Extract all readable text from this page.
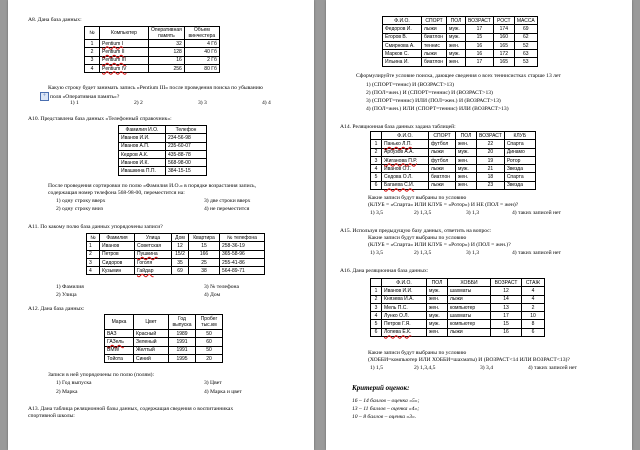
А8. Дана база данных:
№	Компьютер	Оперативная память	Объем винчестера
1	Pentium I	32	4 Гб
2	Pentium II	128	40 Гб
3	Pentium III	16	2 Гб
4	Pentium IV	256	80 Гб
Какую строку будет занимать запись «Pentium III» после проведения поиска по убыванию
+ поля «Оперативная память»?
1) 1	2) 2	3) 3	4) 4
А10. Представлена база данных «Телефонный справочник»:
Фамилия И.О.	Телефон
Иванов И.И.	234-56-98
Иванов А.П.	235-60-07
Кедров А.К.	435-88-78
Иванов И.К.	568-98-00
Ивашкина П.П.	384-15-15
После проведения сортировки по полю «Фамилия И.О.» в порядке возрастания запись,
содержащая номер телефона 568-98-00, переместится на:
1) одну строку вверх	3) две строки вверх
2) одну строку вниз	4) не переместится
А11. По какому полю база данных упорядочены записи?
№	Фамилия	Улица	Дом	Квартира	№ телефона
1	Иванов	Советская	12	15	258-36-19
2	Петров	Пушкина	15/2	166	365-58-96
3	Сидоров	Гоголя	35	25	255-41-86
4	Кузьмин	Гайдар	69	38	564-89-71
1) Фамилия	3) № телефона
2) Улица	4) Дом
А12. Дана база данных:
Марка	Цвет	Год выпуска	Пробег тыс.км
ВАЗ	Красный	1989	50
ГАЗель	Зеленый	1991	60
BMW	Желтый	1991	50
Тойота	Синий	1995	20
Записи в ней упорядочены по полю (полям):
1) Год выпуска	3) Цвет
2) Марка	4) Марка и цвет
А13. Дана таблица реляционной базы данных, содержащая сведения о воспитанниках
спортивной школы:
Ф.И.О.	СПОРТ	ПОЛ	ВОЗРАСТ	РОСТ	МАССА
Федоров И.	лыжи	муж.	17	174	69
Егоров В.	биатлон	муж.	15	160	62
Смирнова А.	теннис	жен.	16	165	52
Марков С.	лыжи	муж.	16	172	63
Ильина И.	биатлон	жен.	17	165	53
Сформулируйте условие поиска, дающее сведения о всех теннисистках старше 13 лет
1) (СПОРТ=тенис) И (ВОЗРАСТ>13)
2) (ПОЛ=жен.) И (СПОРТ=теннис) И (ВОЗРАСТ>13)
3) (СПОРТ=теннис) ИЛИ (ПОЛ=жен.) И (ВОЗРАСТ>13)
4) (ПОЛ=жен.) ИЛИ (СПОРТ=теннис) ИЛИ (ВОЗРАСТ>13)
А14. Реляционная база данных задана таблицей:
	Ф.И.О.	СПОРТ	ПОЛ	ВОЗРАСТ	КЛУБ
1	Панько Л.П.	футбол	жен.	22	Спарта
2	Арбузов А.А.	лыжи	муж.	20	Динамо
3	Жиганова П.Р.	футбол	жен.	19	Ротор
4	Иванов О.Г.	лыжи	муж.	21	Звезда
5	Седова О.Л.	биатлон	жен.	18	Спарта
6	Багаева С.И.	лыжи	жен.	23	Звезда
Какие записи будут выбраны по условию
(КЛУБ = «Спарта» ИЛИ КЛУБ = «Ротор») И НЕ (ПОЛ = жен)?
1) 3,5	2) 1,3,5	3) 1,3	4) таких записей нет
А15. Используя предыдущую базу данных, ответить на вопрос:
Какие записи будут выбраны по условию
(КЛУБ = «Спарта» ИЛИ КЛУБ = «Ротор») И (ПОЛ = жен.)?
1) 3,5	2) 1,3,5	3) 1,3	4) таких записей нет
А16. Дана реляционная база данных:
	Ф.И.О.	ПОЛ	ХОББИ	ВОЗРАСТ	СТАЖ
1	Иванов И.И.	муж.	шахматы	12	4
2	Князева И.А.	жен.	лыжи	14	4
3	Мель П.С.	жен.	компьютер	13	2
4	Лунко О.Л.	муж.	шахматы	17	10
5	Петров Г.Я.	муж.	компьютер	15	8
6	Лопева Е.К.	жен.	лыжи	16	6
Какие записи будут выбраны по условию
(ХОББИ=компьютер ИЛИ ХОББИ=шахматы) И (ВОЗРАСТ<14 ИЛИ ВОЗРАСТ<13)?
1) 1,5	2) 1,3,4,5	3) 3,4	4) таких записей нет
Критерий оценок:
16 – 14 баллов – оценка «5»;
13 – 11 баллов – оценка «4»;
10 – 8 баллов – оценка «3».
